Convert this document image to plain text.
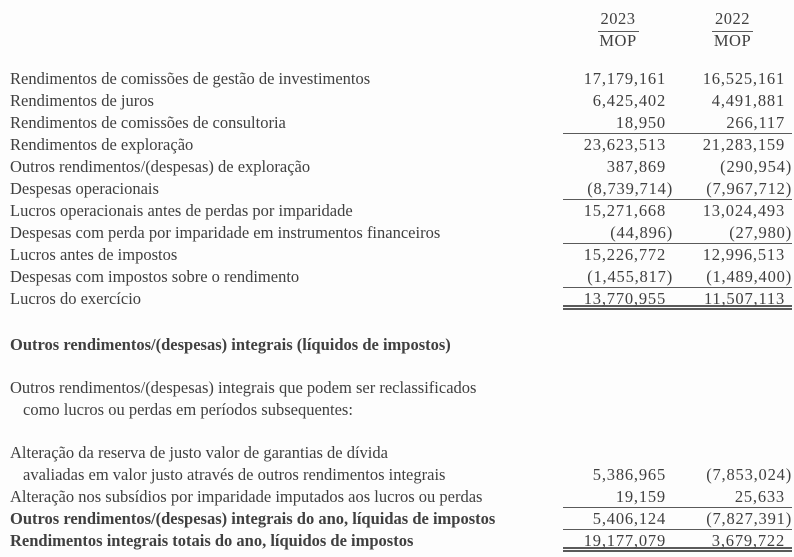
2023	2022
MOP	MOP
Rendimentos de comissões de gestão de investimentos	17,179,161	16,525,161
Rendimentos de juros	6,425,402	4,491,881
Rendimentos de comissões de consultoria	18,950	266,117
Rendimentos de exploração	23,623,513	21,283,159
Outros rendimentos/(despesas) de exploração	387,869	(290,954)
Despesas operacionais	(8,739,714)	(7,967,712)
Lucros operacionais antes de perdas por imparidade	15,271,668	13,024,493
Despesas com perda por imparidade em instrumentos financeiros	(44,896)	(27,980)
Lucros antes de impostos	15,226,772	12,996,513
Despesas com impostos sobre o rendimento	(1,455,817)	(1,489,400)
Lucros do exercício	13,770,955	11,507,113
Outros rendimentos/(despesas) integrais (líquidos de impostos)
Outros rendimentos/(despesas) integrais que podem ser reclassificados
como lucros ou perdas em períodos subsequentes:
Alteração da reserva de justo valor de garantias de dívida
avaliadas em valor justo através de outros rendimentos integrais	5,386,965	(7,853,024)
Alteração nos subsídios por imparidade imputados aos lucros ou perdas	19,159	25,633
Outros rendimentos/(despesas) integrais do ano, líquidas de impostos	5,406,124	(7,827,391)
Rendimentos integrais totais do ano, líquidos de impostos	19,177,079	3,679,722
